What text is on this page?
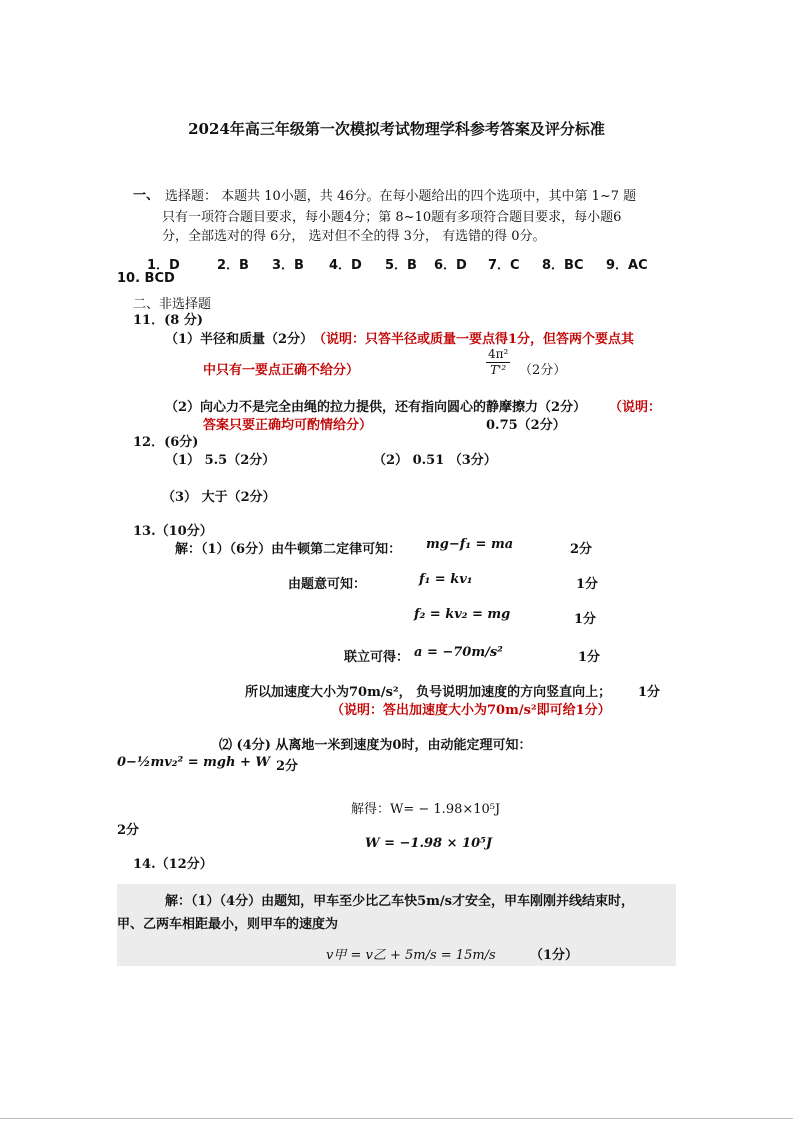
2024年高三年级第一次模拟考试物理学科参考答案及评分标准
一、 选择题： 本题共 10小题，共 46分。在每小题给出的四个选项中，其中第 1~7 题
只有一项符合题目要求，每小题4分；第 8~10题有多项符合题目要求，每小题6
分，全部选对的得 6分， 选对但不全的得 3分， 有选错的得 0分。
1．D	2．B 3．B 4．D 5．B 6．D 7．C 8．BC 9．AC
10. BCD
二、非选择题
11．(8 分)
（1）半径和质量（2分） （说明：只答半径或质量一要点得1分，但答两个要点其
中只有一要点正确不给分）	$\frac{\text{4π²}}{\text{T'²}} (2$分）
（2）向心力不是完全由绳的拉力提供，还有指向圆心的静摩擦力（2分） （说明：
答案只要正确均可酌情给分）	0.75（2分）
12．(6分)
（1） 5.5（2分）	（2） 0.51 （3分）
（3） 大于（2分）
13.（10分）
解：（1）（6分）由牛顿第二定律可知： mg−f₁ = ma	2分
由题意可知：	f₁ = kv₁	1分
f₂ = kv₂ = mg	1分
联立可得： a = −70m/s²	1分
所以加速度大小为70m/s²， 负号说明加速度的方向竖直向上； 1分
（说明：答出加速度大小为70m/s²即可给1分）
⑵ (4分) 从离地一米到速度为0时，由动能定理可知：
0−½mv₂² = mgh + W 2分
解得：W= − 1.98×10⁵J
2分
W = −1.98 × 10⁵J
14.（12分）
解：（1）（4分）由题知，甲车至少比乙车快5m/s才安全，甲车刚刚并线结束时，
甲、乙两车相距最小，则甲车的速度为
v甲 = v乙 + 5m/s = 15m/s	（1分）
